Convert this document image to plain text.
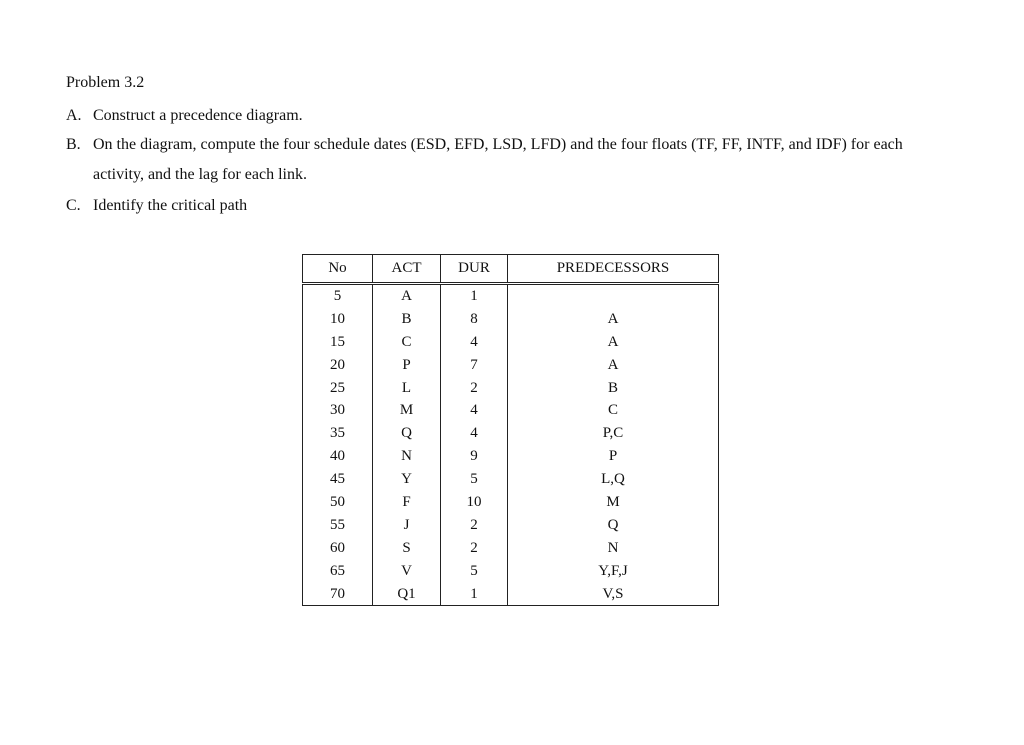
Problem 3.2
A. Construct a precedence diagram.
B. On the diagram, compute the four schedule dates (ESD, EFD, LSD, LFD) and the four floats (TF, FF, INTF, and IDF) for each
activity, and the lag for each link.
C. Identify the critical path
No	ACT	DUR	PREDECESSORS
5	A	1	
10	B	8	A
15	C	4	A
20	P	7	A
25	L	2	B
30	M	4	C
35	Q	4	P,C
40	N	9	P
45	Y	5	L,Q
50	F	10	M
55	J	2	Q
60	S	2	N
65	V	5	Y,F,J
70	Q1	1	V,S
